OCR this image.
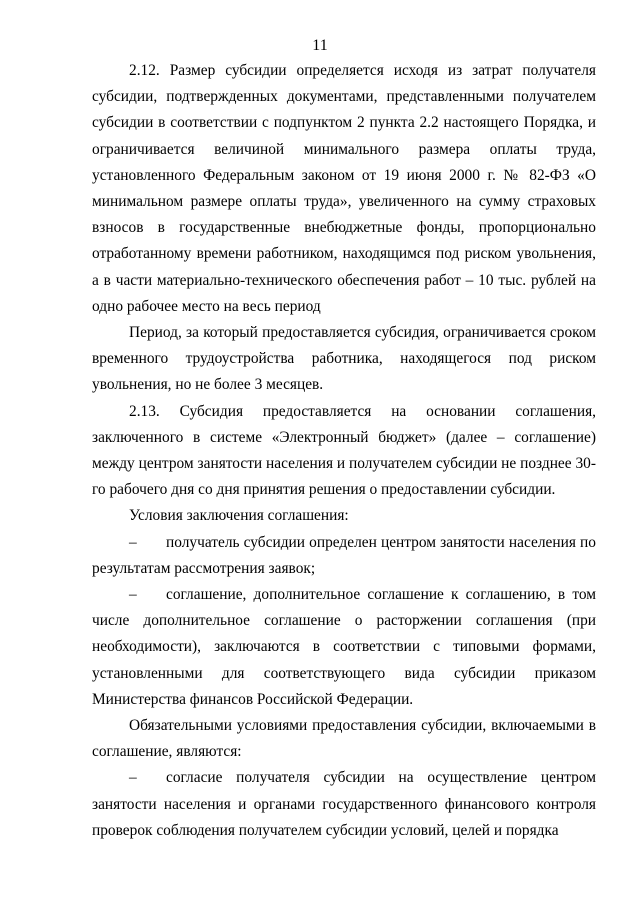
11

2.12. Размер субсидии определяется исходя из затрат получателя субсидии, подтвержденных документами, представленными получателем субсидии в соответствии с подпунктом 2 пункта 2.2 настоящего Порядка, и ограничивается величиной минимального размера оплаты труда, установленного Федеральным законом от 19 июня 2000 г. № 82-ФЗ «О минимальном размере оплаты труда», увеличенного на сумму страховых взносов в государственные внебюджетные фонды, пропорционально отработанному времени работником, находящимся под риском увольнения, а в части материально-технического обеспечения работ – 10 тыс. рублей на одно рабочее место на весь период

Период, за который предоставляется субсидия, ограничивается сроком временного трудоустройства работника, находящегося под риском увольнения, но не более 3 месяцев.

2.13. Субсидия предоставляется на основании соглашения, заключенного в системе «Электронный бюджет» (далее – соглашение) между центром занятости населения и получателем субсидии не позднее 30-го рабочего дня со дня принятия решения о предоставлении субсидии.

Условия заключения соглашения:

– получатель субсидии определен центром занятости населения по результатам рассмотрения заявок;

– соглашение, дополнительное соглашение к соглашению, в том числе дополнительное соглашение о расторжении соглашения (при необходимости), заключаются в соответствии с типовыми формами, установленными для соответствующего вида субсидии приказом Министерства финансов Российской Федерации.

Обязательными условиями предоставления субсидии, включаемыми в соглашение, являются:

– согласие получателя субсидии на осуществление центром занятости населения и органами государственного финансового контроля проверок соблюдения получателем субсидии условий, целей и порядка
